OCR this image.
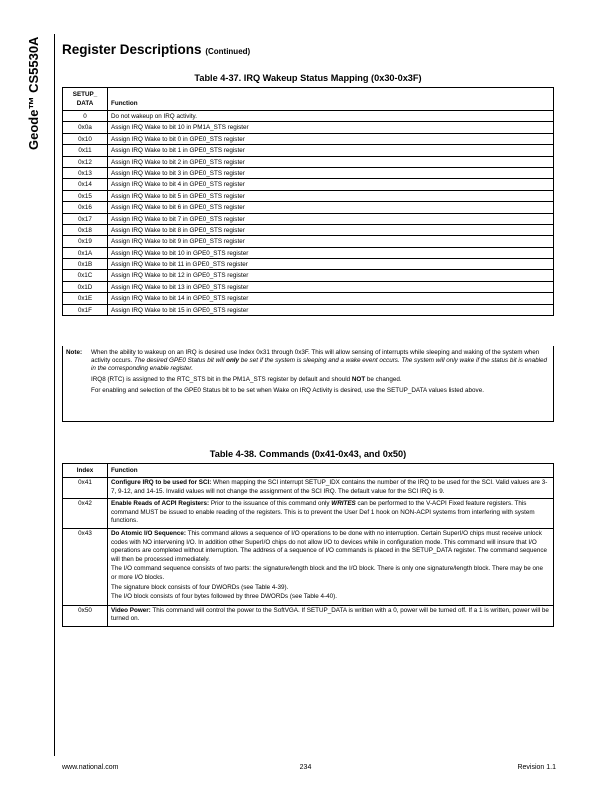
Geode™ CS5530A Register Descriptions (Continued)
Table 4-37. IRQ Wakeup Status Mapping (0x30-0x3F)
SETUP_
DATA	Function
0	Do not wakeup on IRQ activity.
0x0a	Assign IRQ Wake to bit 10 in PM1A_STS register
0x10	Assign IRQ Wake to bit 0 in GPE0_STS register
0x11	Assign IRQ Wake to bit 1 in GPE0_STS register
0x12	Assign IRQ Wake to bit 2 in GPE0_STS register
0x13	Assign IRQ Wake to bit 3 in GPE0_STS register
0x14	Assign IRQ Wake to bit 4 in GPE0_STS register
0x15	Assign IRQ Wake to bit 5 in GPE0_STS register
0x16	Assign IRQ Wake to bit 6 in GPE0_STS register
0x17	Assign IRQ Wake to bit 7 in GPE0_STS register
0x18	Assign IRQ Wake to bit 8 in GPE0_STS register
0x19	Assign IRQ Wake to bit 9 in GPE0_STS register
0x1A	Assign IRQ Wake to bit 10 in GPE0_STS register
0x1B	Assign IRQ Wake to bit 11 in GPE0_STS register
0x1C	Assign IRQ Wake to bit 12 in GPE0_STS register
0x1D	Assign IRQ Wake to bit 13 in GPE0_STS register
0x1E	Assign IRQ Wake to bit 14 in GPE0_STS register
0x1F	Assign IRQ Wake to bit 15 in GPE0_STS register
Note: When the ability to wakeup on an IRQ is desired use Index 0x31 through 0x3F. This will allow sensing of interrupts while sleeping and waking of the system when activity occurs. The desired GPE0 Status bit will only be set if the system is sleeping and a wake event occurs. The system will only wake if the status bit is enabled in the corresponding enable register.

IRQ8 (RTC) is assigned to the RTC_STS bit in the PM1A_STS register by default and should NOT be changed.

For enabling and selection of the GPE0 Status bit to be set when Wake on IRQ Activity is desired, use the SETUP_DATA values listed above.

Table 4-38. Commands (0x41-0x43, and 0x50)
Index	Function
0x41	Configure IRQ to be used for SCI: When mapping the SCI interrupt SETUP_IDX contains the number of the IRQ to be used for the SCI. Valid values are 3-7, 9-12, and 14-15. Invalid values will not change the assignment of the SCI IRQ. The default value for the SCI IRQ is 9.
0x42	Enable Reads of ACPI Registers: Prior to the issuance of this command only WRITES can be performed to the V-ACPI Fixed feature registers. This command MUST be issued to enable reading of the registers. This is to prevent the User Def 1 hook on NON-ACPI systems from interfering with system functions.
0x43	Do Atomic I/O Sequence: This command allows a sequence of I/O operations to be done with no interruption. Certain SuperI/O chips must receive unlock codes with NO intervening I/O. In addition other SuperI/O chips do not allow I/O to devices while in configuration mode. This command will insure that I/O operations are completed without interruption. The address of a sequence of I/O commands is placed in the SETUP_DATA register. The command sequence will then be processed immediately.

The I/O command sequence consists of two parts: the signature/length block and the I/O block. There is only one signature/length block. There may be one or more I/O blocks.

The signature block consists of four DWORDs (see Table 4-39).

The I/O block consists of four bytes followed by three DWORDs (see Table 4-40).

0x50	Video Power: This command will control the power to the SoftVGA. If SETUP_DATA is written with a 0, power will be turned off. If a 1 is written, power will be turned on.
www.national.com	234	Revision 1.1
